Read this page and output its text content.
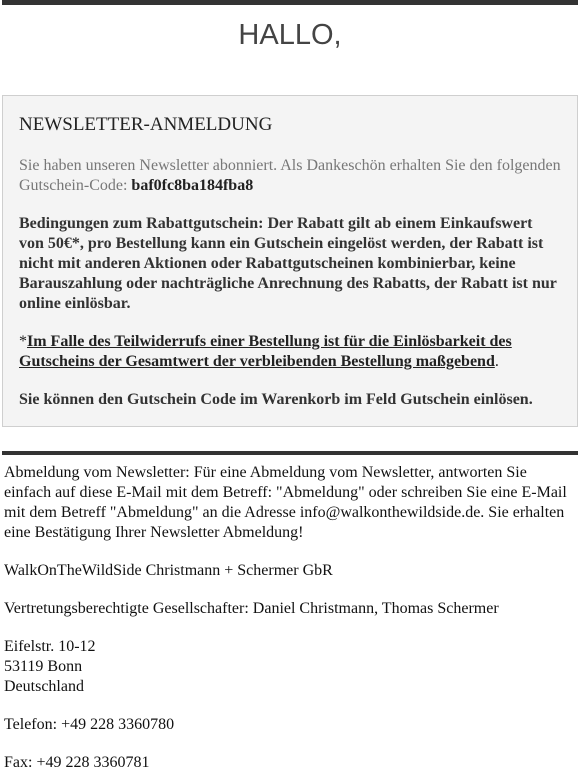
HALLO,
NEWSLETTER-ANMELDUNG

Sie haben unseren Newsletter abonniert. Als Dankeschön erhalten Sie den folgenden Gutschein-Code: baf0fc8ba184fba8

Bedingungen zum Rabattgutschein: Der Rabatt gilt ab einem Einkaufswert von 50€*, pro Bestellung kann ein Gutschein eingelöst werden, der Rabatt ist nicht mit anderen Aktionen oder Rabattgutscheinen kombinierbar, keine Barauszahlung oder nachträgliche Anrechnung des Rabatts, der Rabatt ist nur online einlösbar.

*Im Falle des Teilwiderrufs einer Bestellung ist für die Einlösbarkeit des Gutscheins der Gesamtwert der verbleibenden Bestellung maßgebend.

Sie können den Gutschein Code im Warenkorb im Feld Gutschein einlösen.

Abmeldung vom Newsletter: Für eine Abmeldung vom Newsletter, antworten Sie einfach auf diese E-Mail mit dem Betreff: "Abmeldung" oder schreiben Sie eine E-Mail mit dem Betreff "Abmeldung" an die Adresse info@walkonthewildside.de. Sie erhalten eine Bestätigung Ihrer Newsletter Abmeldung!

WalkOnTheWildSide Christmann + Schermer GbR

Vertretungsberechtigte Gesellschafter: Daniel Christmann, Thomas Schermer

Eifelstr. 10-12
53119 Bonn
Deutschland

Telefon: +49 228 3360780

Fax: +49 228 3360781
